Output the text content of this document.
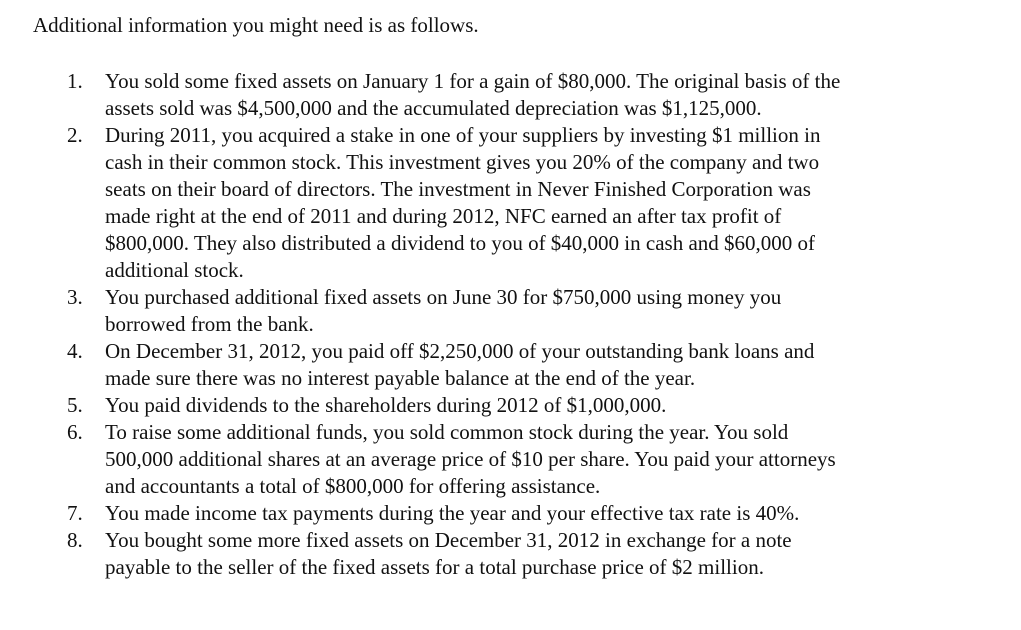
Additional information you might need is as follows.

1. You sold some fixed assets on January 1 for a gain of $80,000. The original basis of the
assets sold was $4,500,000 and the accumulated depreciation was $1,125,000.
2. During 2011, you acquired a stake in one of your suppliers by investing $1 million in
cash in their common stock. This investment gives you 20% of the company and two
seats on their board of directors. The investment in Never Finished Corporation was
made right at the end of 2011 and during 2012, NFC earned an after tax profit of
$800,000. They also distributed a dividend to you of $40,000 in cash and $60,000 of
additional stock.
3. You purchased additional fixed assets on June 30 for $750,000 using money you
borrowed from the bank.
4. On December 31, 2012, you paid off $2,250,000 of your outstanding bank loans and
made sure there was no interest payable balance at the end of the year.
5. You paid dividends to the shareholders during 2012 of $1,000,000.
6. To raise some additional funds, you sold common stock during the year. You sold
500,000 additional shares at an average price of $10 per share. You paid your attorneys
and accountants a total of $800,000 for offering assistance.
7. You made income tax payments during the year and your effective tax rate is 40%.
8. You bought some more fixed assets on December 31, 2012 in exchange for a note
payable to the seller of the fixed assets for a total purchase price of $2 million.
